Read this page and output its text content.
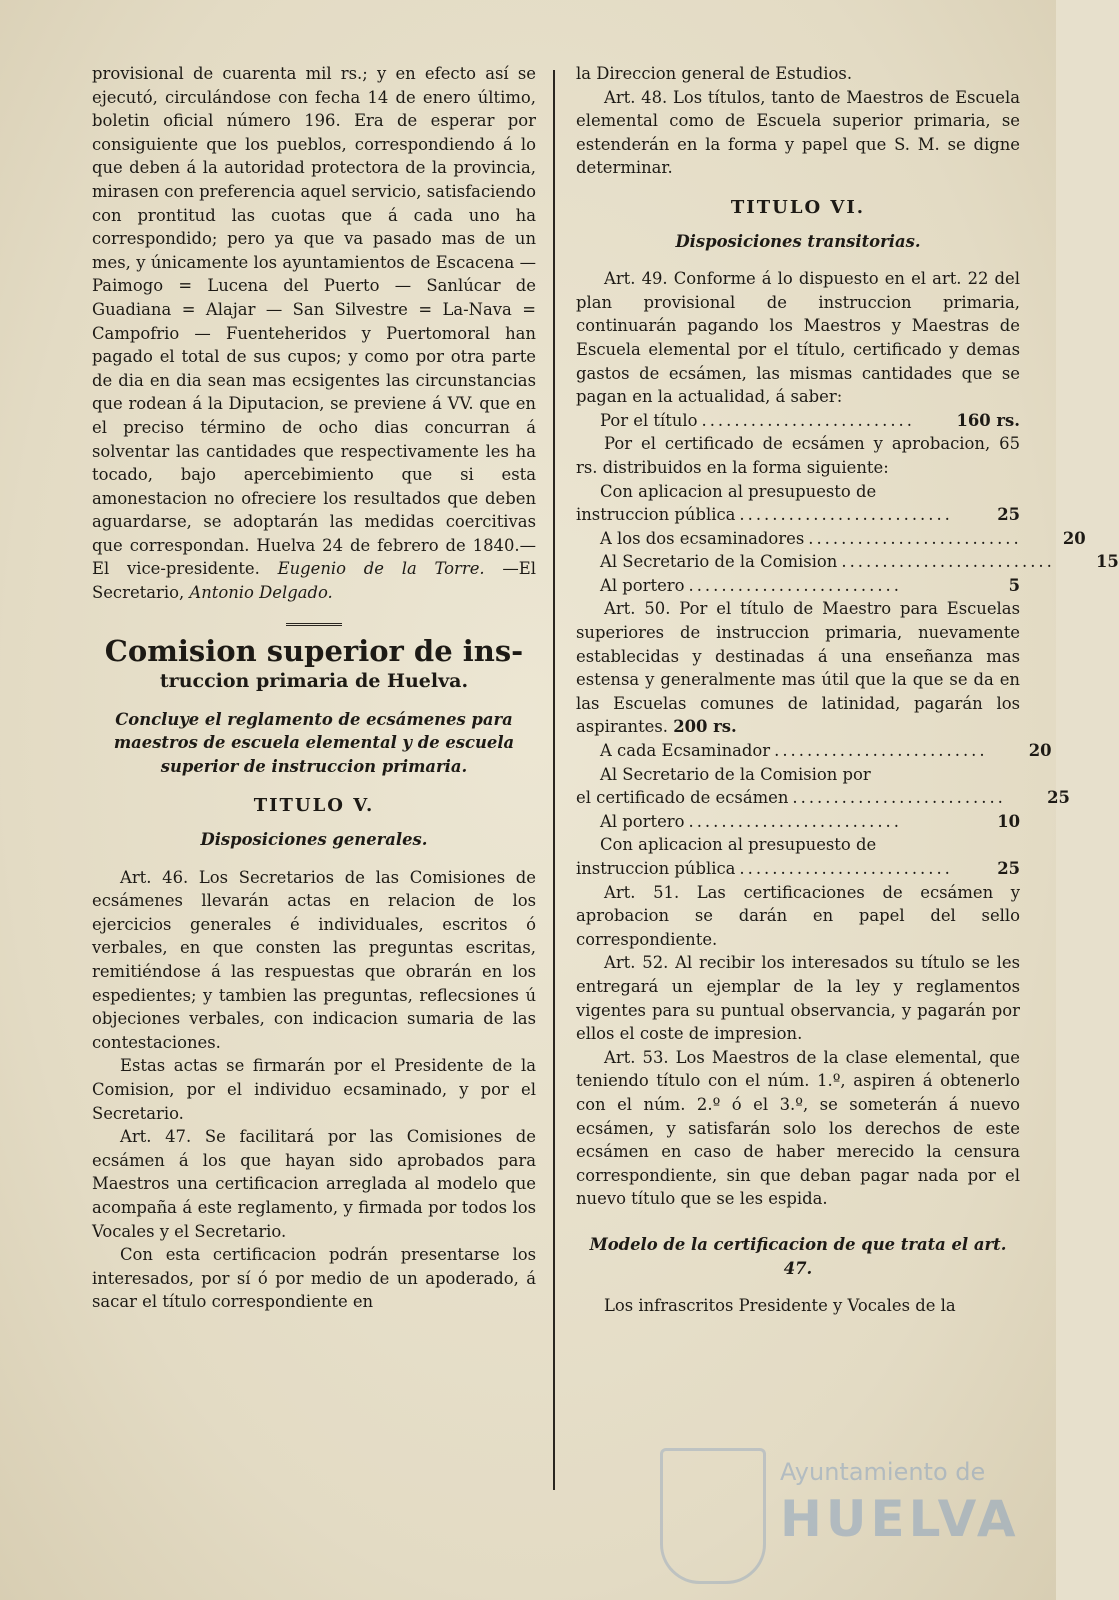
provisional de cuarenta mil rs.; y en efecto así se ejecutó, circulándose con fecha 14 de enero último, boletin oficial número 196. Era de esperar por consiguiente que los pueblos, correspondiendo á lo que deben á la autoridad protectora de la provincia, mirasen con preferencia aquel servicio, satisfaciendo con prontitud las cuotas que á cada uno ha correspondido; pero ya que va pasado mas de un mes, y únicamente los ayuntamientos de Escacena — Paimogo = Lucena del Puerto — Sanlúcar de Guadiana = Alajar — San Silvestre = La-Nava = Campofrio — Fuenteheridos y Puertomoral han pagado el total de sus cupos; y como por otra parte de dia en dia sean mas ecsigentes las circunstancias que rodean á la Diputacion, se previene á VV. que en el preciso término de ocho dias concurran á solventar las cantidades que respectivamente les ha tocado, bajo apercebimiento que si esta amonestacion no ofreciere los resultados que deben aguardarse, se adoptarán las medidas coercitivas que correspondan. Huelva 24 de febrero de 1840.—El vice-presidente. Eugenio de la Torre. —El Secretario, Antonio Delgado.
Comision superior de ins-
truccion primaria de Huelva.

Concluye el reglamento de ecsámenes para maestros de escuela elemental y de escuela superior de instruccion primaria.

TITULO V.
Disposiciones generales.

Art. 46. Los Secretarios de las Comisiones de ecsámenes llevarán actas en relacion de los ejercicios generales é individuales, escritos ó verbales, en que consten las preguntas escritas, remitiéndose á las respuestas que obrarán en los espedientes; y tambien las preguntas, reflecsiones ú objeciones verbales, con indicacion sumaria de las contestaciones.

Estas actas se firmarán por el Presidente de la Comision, por el individuo ecsaminado, y por el Secretario.

Art. 47. Se facilitará por las Comisiones de ecsámen á los que hayan sido aprobados para Maestros una certificacion arreglada al modelo que acompaña á este reglamento, y firmada por todos los Vocales y el Secretario.

Con esta certificacion podrán presentarse los interesados, por sí ó por medio de un apoderado, á sacar el título correspondiente en

la Direccion general de Estudios.

Art. 48. Los títulos, tanto de Maestros de Escuela elemental como de Escuela superior primaria, se estenderán en la forma y papel que S. M. se digne determinar.

TITULO VI.
Disposiciones transitorias.

Art. 49. Conforme á lo dispuesto en el art. 22 del plan provisional de instruccion primaria, continuarán pagando los Maestros y Maestras de Escuela elemental por el título, certificado y demas gastos de ecsámen, las mismas cantidades que se pagan en la actualidad, á saber:

Por el título ..........................	160 rs.

Por el certificado de ecsámen y aprobacion, 65 rs. distribuidos en la forma siguiente:

Con aplicacion al presupuesto de
instruccion pública ..........................	25
A los dos ecsaminadores ..........................	20
Al Secretario de la Comision ..........................	15
Al portero ..........................	5

Art. 50. Por el título de Maestro para Escuelas superiores de instruccion primaria, nuevamente establecidas y destinadas á una enseñanza mas estensa y generalmente mas útil que la que se da en las Escuelas comunes de latinidad, pagarán los aspirantes. 200 rs.

A cada Ecsaminador ..........................	20
Al Secretario de la Comision por
el certificado de ecsámen ..........................	25
Al portero ..........................	10
Con aplicacion al presupuesto de
instruccion pública ..........................	25

Art. 51. Las certificaciones de ecsámen y aprobacion se darán en papel del sello correspondiente.

Art. 52. Al recibir los interesados su título se les entregará un ejemplar de la ley y reglamentos vigentes para su puntual observancia, y pagarán por ellos el coste de impresion.

Art. 53. Los Maestros de la clase elemental, que teniendo título con el núm. 1.º, aspiren á obtenerlo con el núm. 2.º ó el 3.º, se someterán á nuevo ecsámen, y satisfarán solo los derechos de este ecsámen en caso de haber merecido la censura correspondiente, sin que deban pagar nada por el nuevo título que se les espida.

Modelo de la certificacion de que trata el art. 47.

Los infrascritos Presidente y Vocales de la

Ayuntamiento de
HUELVA
